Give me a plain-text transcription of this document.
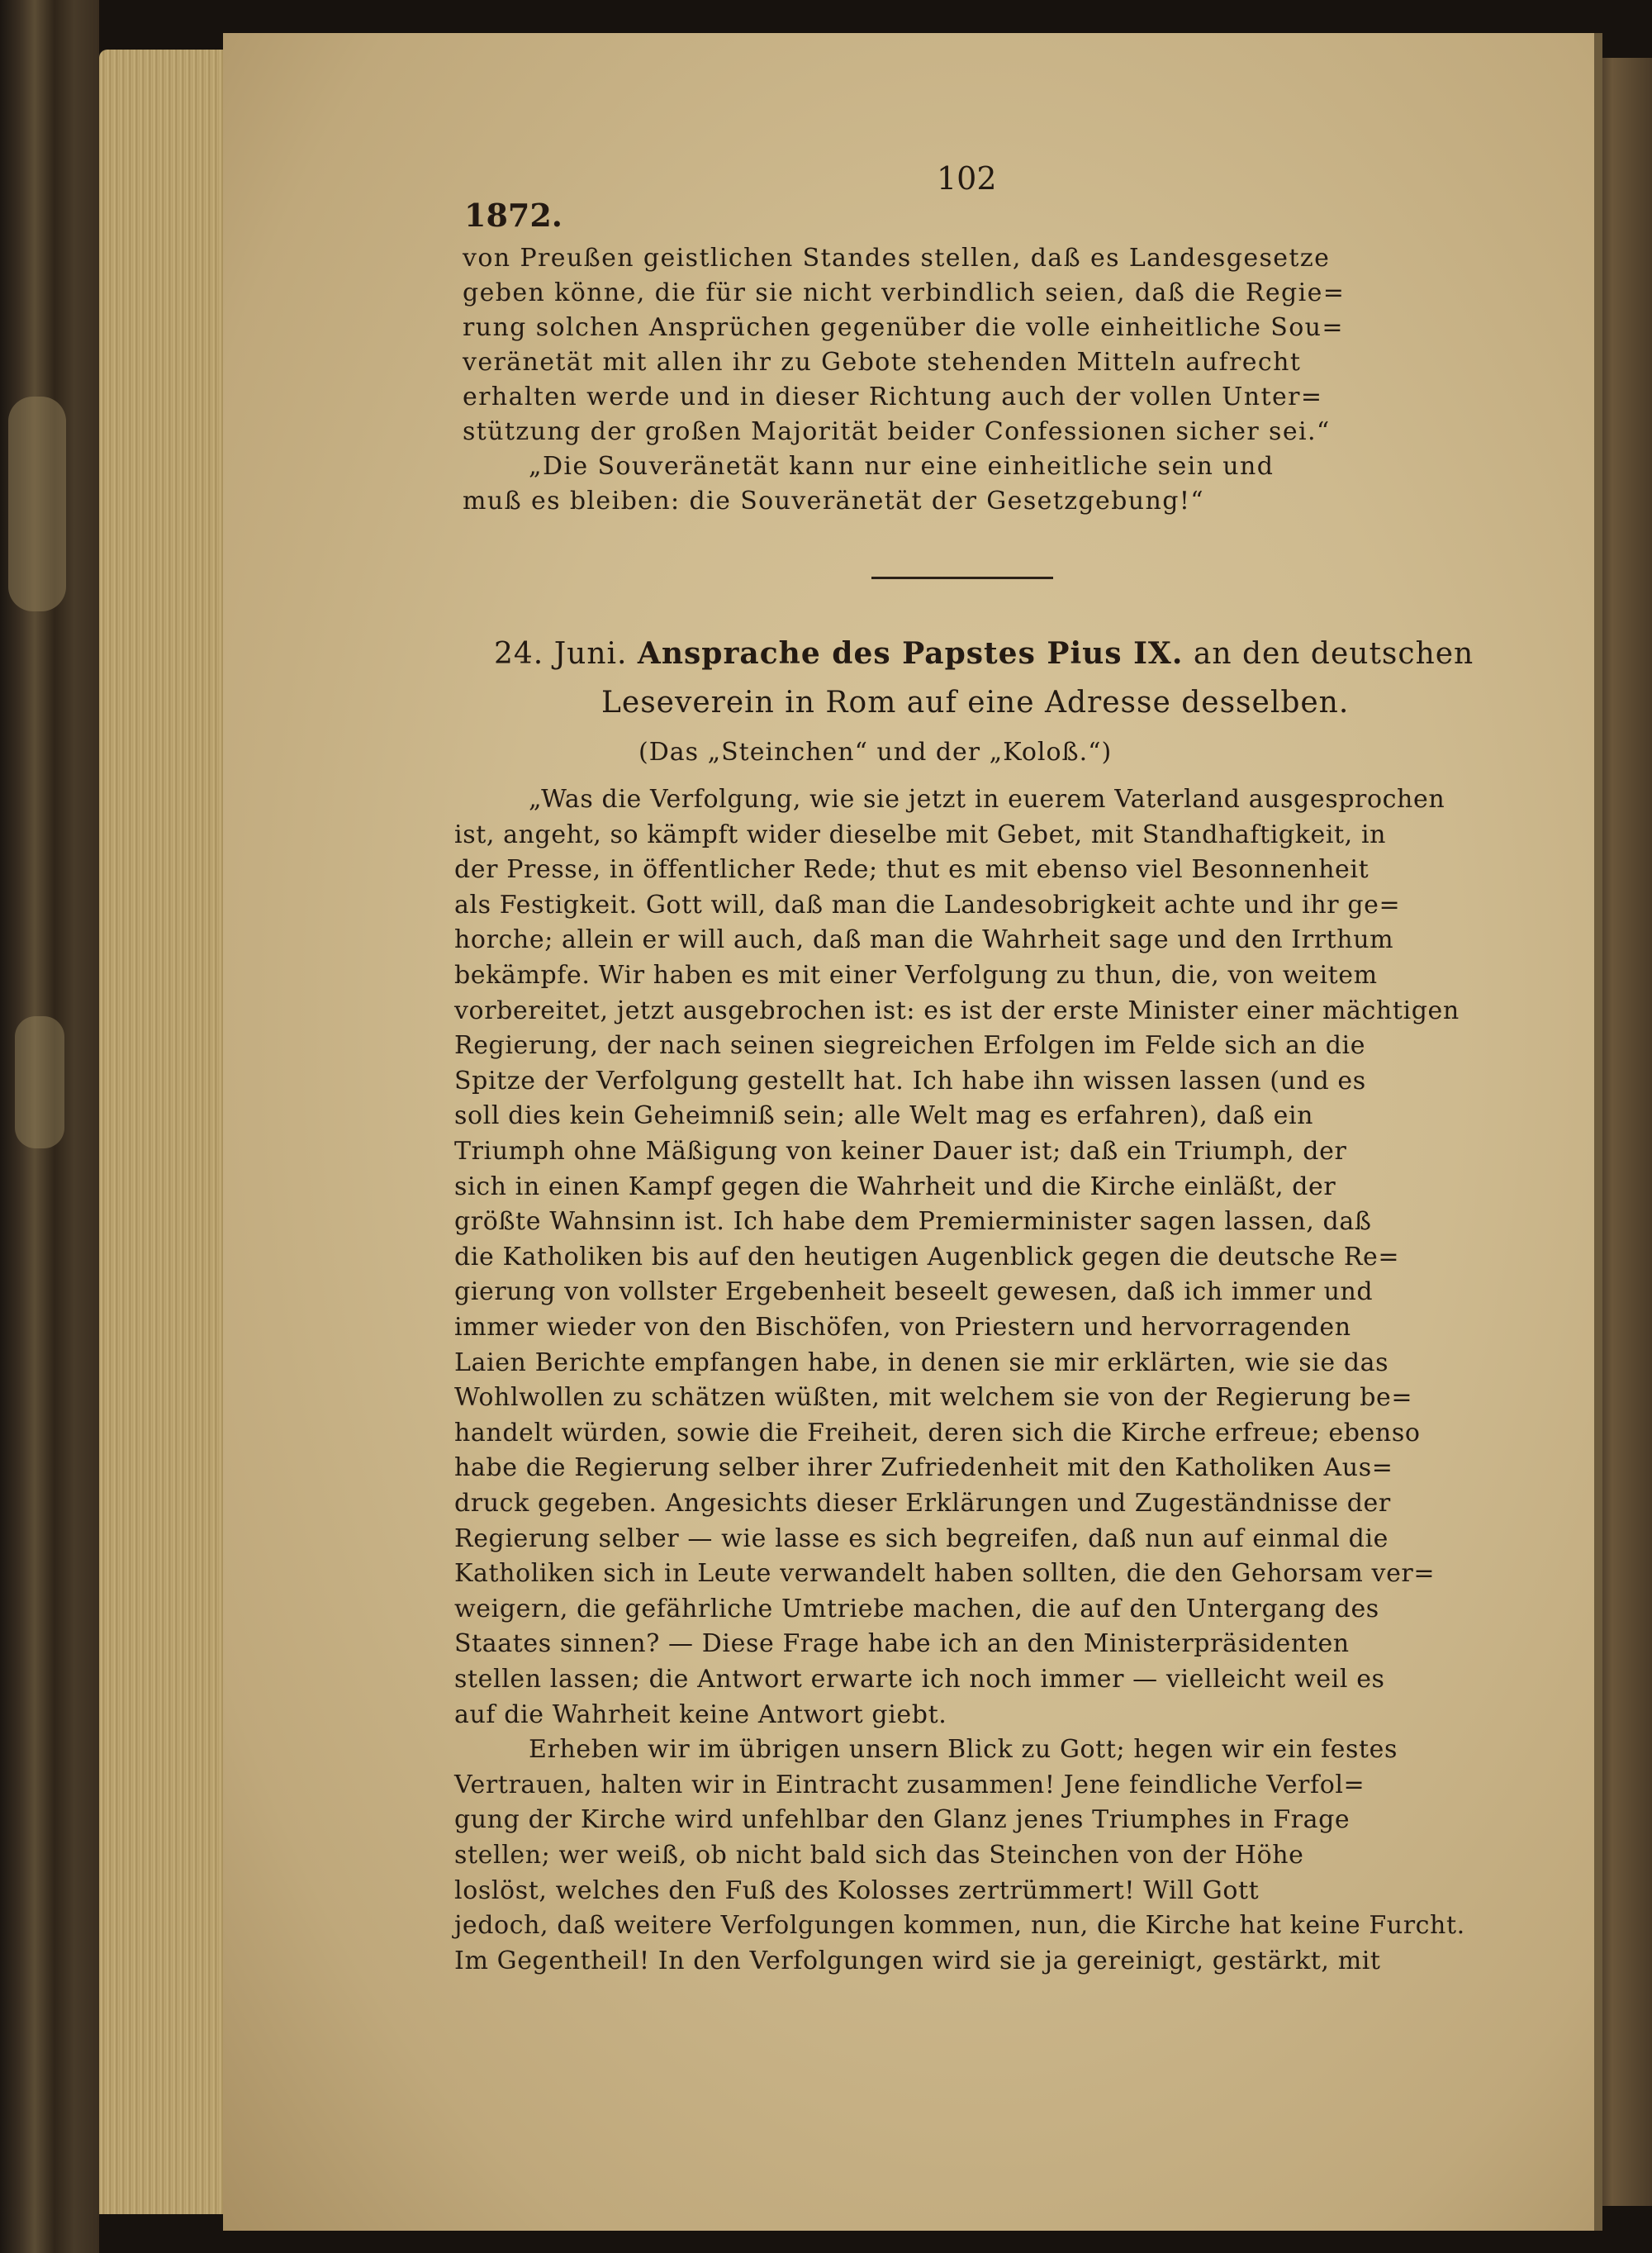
102
1872.
von Preußen geistlichen Standes stellen, daß es Landesgesetze
geben könne, die für sie nicht verbindlich seien, daß die Regie=
rung solchen Ansprüchen gegenüber die volle einheitliche Sou=
veränetät mit allen ihr zu Gebote stehenden Mitteln aufrecht
erhalten werde und in dieser Richtung auch der vollen Unter=
stützung der großen Majorität beider Confessionen sicher sei.“
„Die Souveränetät kann nur eine einheitliche sein und
muß es bleiben: die Souveränetät der Gesetzgebung!“
24. Juni. Ansprache des Papstes Pius IX. an den deutschen
Leseverein in Rom auf eine Adresse desselben.
(Das „Steinchen“ und der „Koloß.“)
„Was die Verfolgung, wie sie jetzt in euerem Vaterland ausgesprochen
ist, angeht, so kämpft wider dieselbe mit Gebet, mit Standhaftigkeit, in
der Presse, in öffentlicher Rede; thut es mit ebenso viel Besonnenheit
als Festigkeit. Gott will, daß man die Landesobrigkeit achte und ihr ge=
horche; allein er will auch, daß man die Wahrheit sage und den Irrthum
bekämpfe. Wir haben es mit einer Verfolgung zu thun, die, von weitem
vorbereitet, jetzt ausgebrochen ist: es ist der erste Minister einer mächtigen
Regierung, der nach seinen siegreichen Erfolgen im Felde sich an die
Spitze der Verfolgung gestellt hat. Ich habe ihn wissen lassen (und es
soll dies kein Geheimniß sein; alle Welt mag es erfahren), daß ein
Triumph ohne Mäßigung von keiner Dauer ist; daß ein Triumph, der
sich in einen Kampf gegen die Wahrheit und die Kirche einläßt, der
größte Wahnsinn ist. Ich habe dem Premierminister sagen lassen, daß
die Katholiken bis auf den heutigen Augenblick gegen die deutsche Re=
gierung von vollster Ergebenheit beseelt gewesen, daß ich immer und
immer wieder von den Bischöfen, von Priestern und hervorragenden
Laien Berichte empfangen habe, in denen sie mir erklärten, wie sie das
Wohlwollen zu schätzen wüßten, mit welchem sie von der Regierung be=
handelt würden, sowie die Freiheit, deren sich die Kirche erfreue; ebenso
habe die Regierung selber ihrer Zufriedenheit mit den Katholiken Aus=
druck gegeben. Angesichts dieser Erklärungen und Zugeständnisse der
Regierung selber — wie lasse es sich begreifen, daß nun auf einmal die
Katholiken sich in Leute verwandelt haben sollten, die den Gehorsam ver=
weigern, die gefährliche Umtriebe machen, die auf den Untergang des
Staates sinnen? — Diese Frage habe ich an den Ministerpräsidenten
stellen lassen; die Antwort erwarte ich noch immer — vielleicht weil es
auf die Wahrheit keine Antwort giebt.
Erheben wir im übrigen unsern Blick zu Gott; hegen wir ein festes
Vertrauen, halten wir in Eintracht zusammen! Jene feindliche Verfol=
gung der Kirche wird unfehlbar den Glanz jenes Triumphes in Frage
stellen; wer weiß, ob nicht bald sich das Steinchen von der Höhe
loslöst, welches den Fuß des Kolosses zertrümmert! Will Gott
jedoch, daß weitere Verfolgungen kommen, nun, die Kirche hat keine Furcht.
Im Gegentheil! In den Verfolgungen wird sie ja gereinigt, gestärkt, mit
